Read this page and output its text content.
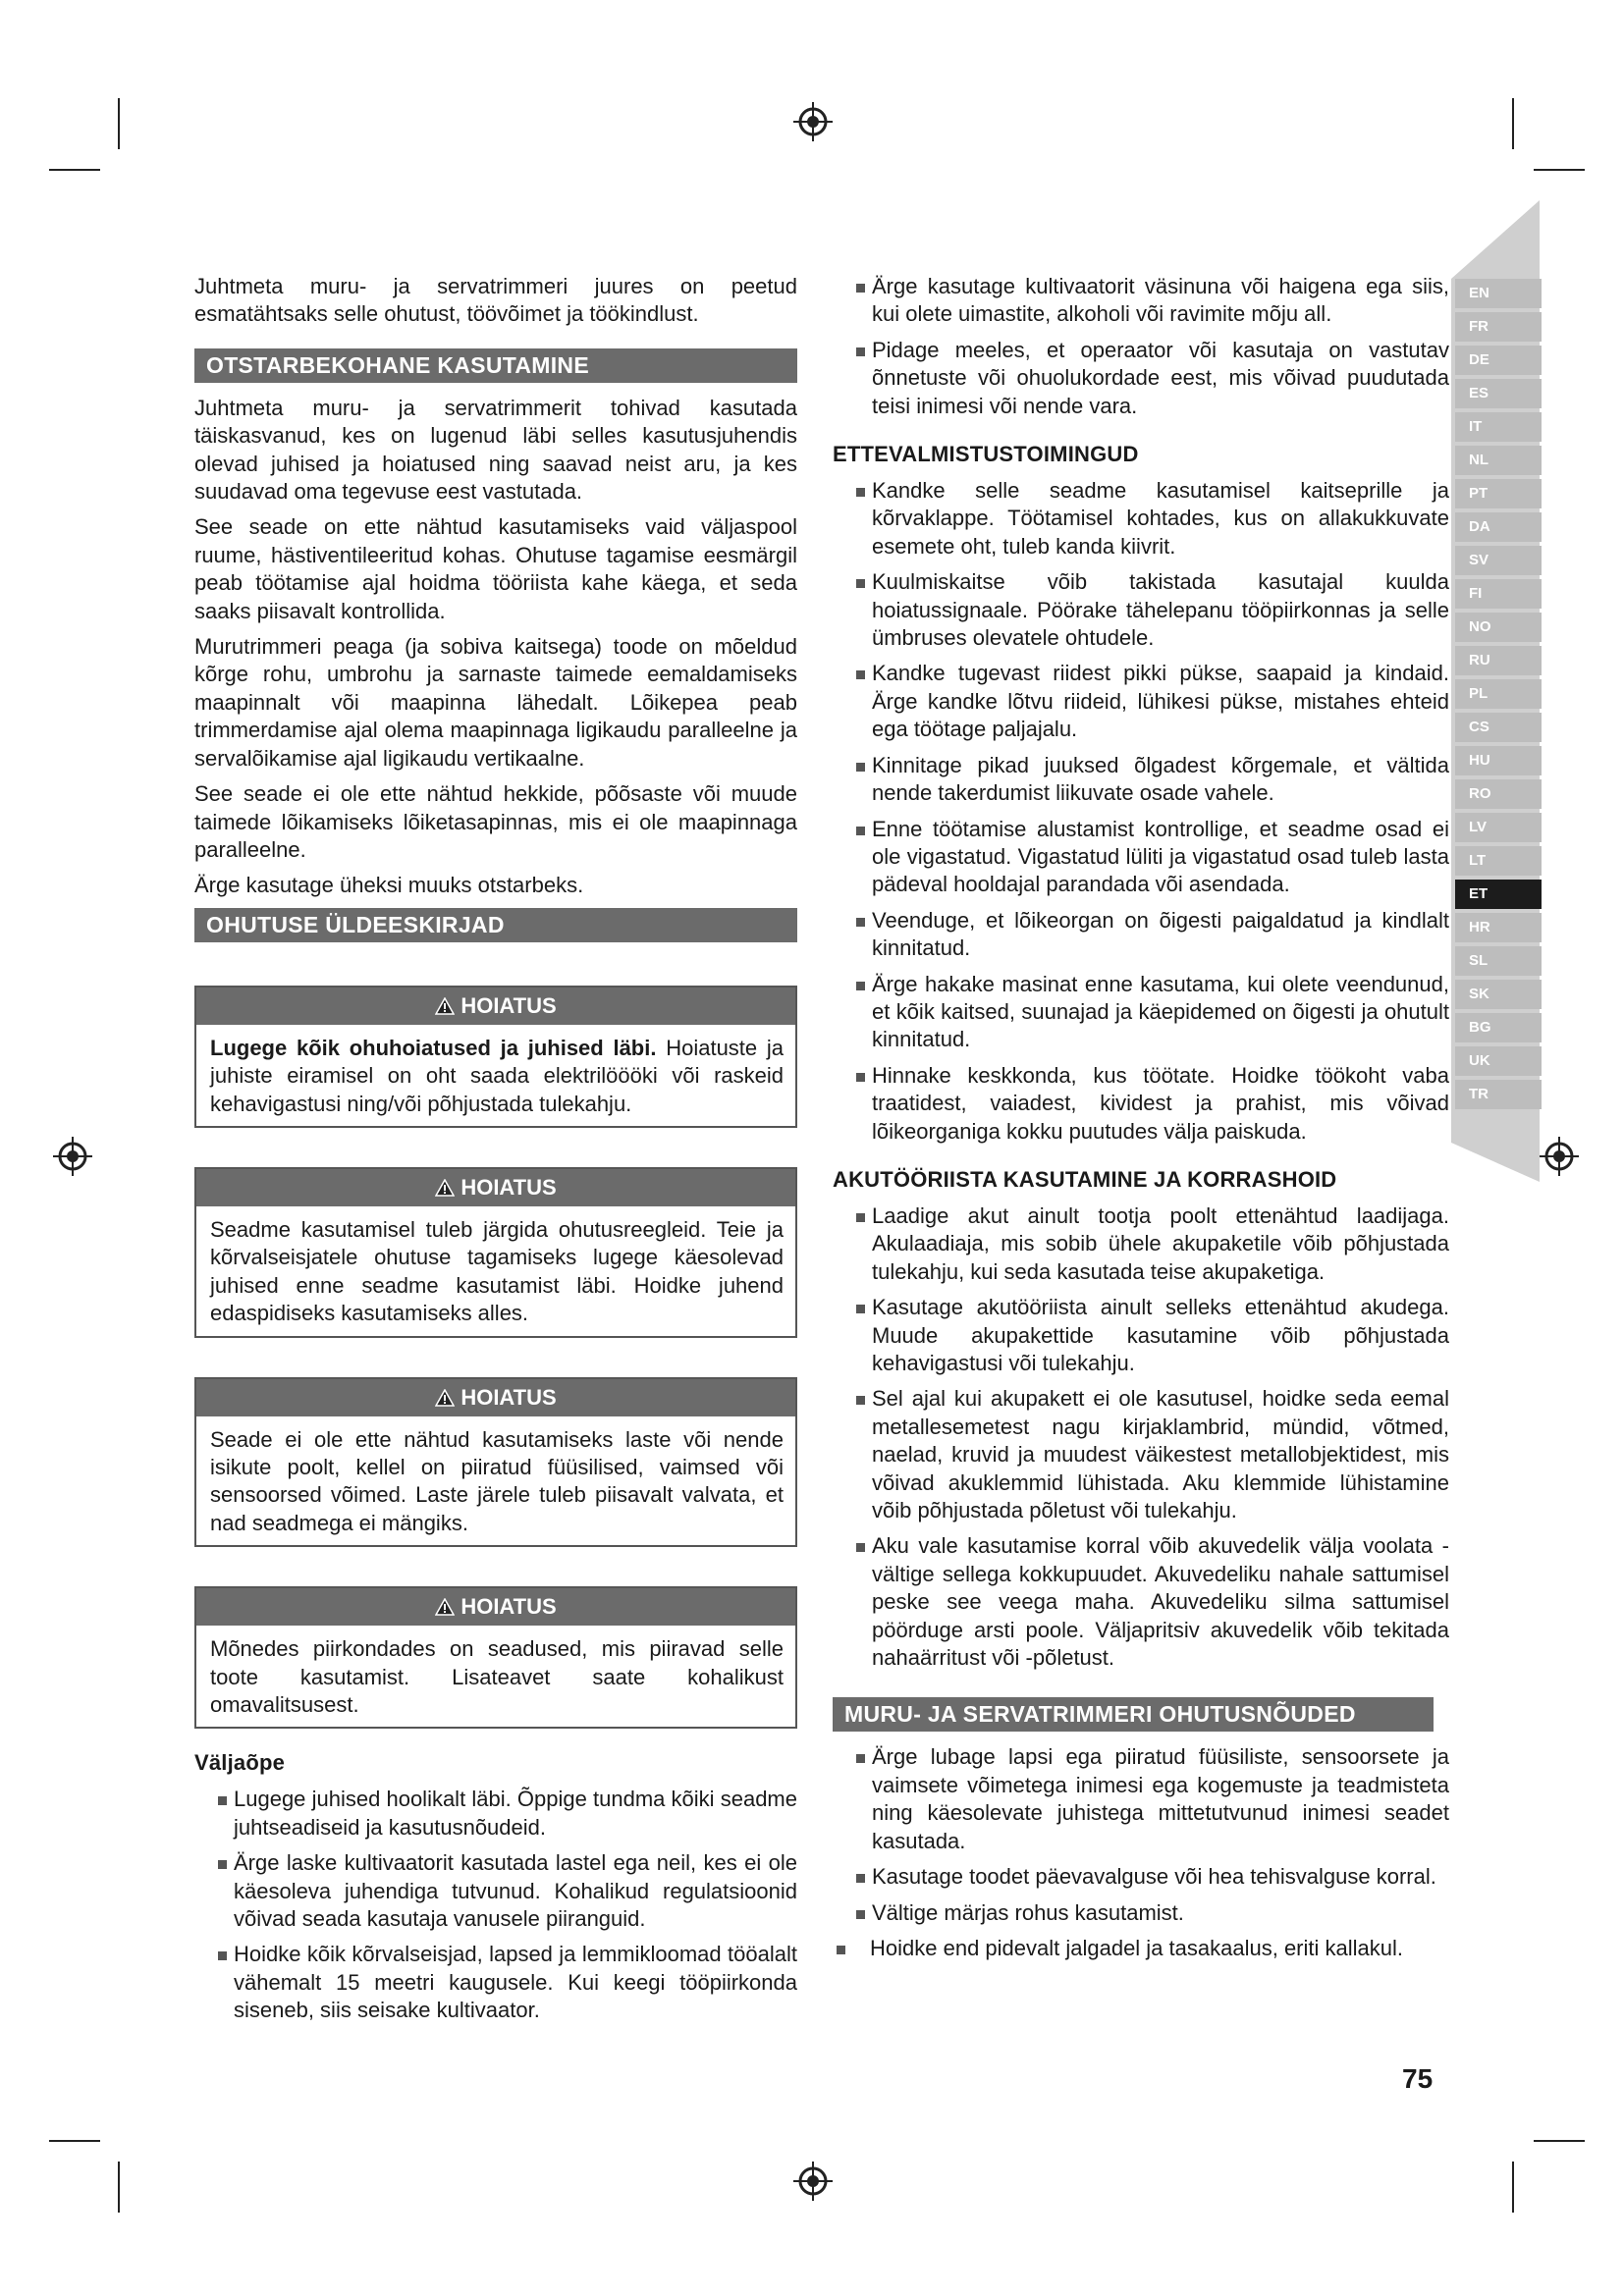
EN
FR
DE
ES
IT
NL
PT
DA
SV
FI
NO
RU
PL
CS
HU
RO
LV
LT
ET
HR
SL
SK
BG
UK
TR

Juhtmeta muru- ja servatrimmeri juures on peetud esmatähtsaks selle ohutust, töövõimet ja töökindlust.

OTSTARBEKOHANE KASUTAMINE

Juhtmeta muru- ja servatrimmerit tohivad kasutada täiskasvanud, kes on lugenud läbi selles kasutusjuhendis olevad juhised ja hoiatused ning saavad neist aru, ja kes suudavad oma tegevuse eest vastutada.

See seade on ette nähtud kasutamiseks vaid väljaspool ruume, hästiventileeritud kohas. Ohutuse tagamise eesmärgil peab töötamise ajal hoidma tööriista kahe käega, et seda saaks piisavalt kontrollida.

Murutrimmeri peaga (ja sobiva kaitsega) toode on mõeldud kõrge rohu, umbrohu ja sarnaste taimede eemaldamiseks maapinnalt või maapinna lähedalt. Lõikepea peab trimmerdamise ajal olema maapinnaga ligikaudu paralleelne ja servalõikamise ajal ligikaudu vertikaalne.

See seade ei ole ette nähtud hekkide, põõsaste või muude taimede lõikamiseks lõiketasapinnas, mis ei ole maapinnaga paralleelne.

Ärge kasutage üheksi muuks otstarbeks.

OHUTUSE ÜLDEESKIRJAD
HOIATUS
Lugege kõik ohuhoiatused ja juhised läbi. Hoiatuste ja juhiste eiramisel on oht saada elektrilöööki või raskeid kehavigastusi ning/või põhjustada tulekahju.
HOIATUS
Seadme kasutamisel tuleb järgida ohutusreegleid. Teie ja kõrvalseisjatele ohutuse tagamiseks lugege käesolevad juhised enne seadme kasutamist läbi. Hoidke juhend edaspidiseks kasutamiseks alles.
HOIATUS
Seade ei ole ette nähtud kasutamiseks laste või nende isikute poolt, kellel on piiratud füüsilised, vaimsed või sensoorsed võimed. Laste järele tuleb piisavalt valvata, et nad seadmega ei mängiks.
HOIATUS
Mõnedes piirkondades on seadused, mis piiravad selle toote kasutamist. Lisateavet saate kohalikust omavalitsusest.
Väljaõpe
Lugege juhised hoolikalt läbi. Õppige tundma kõiki seadme juhtseadiseid ja kasutusnõudeid.
Ärge laske kultivaatorit kasutada lastel ega neil, kes ei ole käesoleva juhendiga tutvunud. Kohalikud regulatsioonid võivad seada kasutaja vanusele piiranguid.
Hoidke kõik kõrvalseisjad, lapsed ja lemmikloomad tööalalt vähemalt 15 meetri kaugusele. Kui keegi tööpiirkonda siseneb, siis seisake kultivaator.
Ärge kasutage kultivaatorit väsinuna või haigena ega siis, kui olete uimastite, alkoholi või ravimite mõju all.
Pidage meeles, et operaator või kasutaja on vastutav õnnetuste või ohuolukordade eest, mis võivad puudutada teisi inimesi või nende vara.
ETTEVALMISTUSTOIMINGUD
Kandke selle seadme kasutamisel kaitseprille ja kõrvaklappe. Töötamisel kohtades, kus on allakukkuvate esemete oht, tuleb kanda kiivrit.
Kuulmiskaitse võib takistada kasutajal kuulda hoiatussignaale. Pöörake tähelepanu tööpiirkonnas ja selle ümbruses olevatele ohtudele.
Kandke tugevast riidest pikki pükse, saapaid ja kindaid. Ärge kandke lõtvu riideid, lühikesi pükse, mistahes ehteid ega töötage paljajalu.
Kinnitage pikad juuksed õlgadest kõrgemale, et vältida nende takerdumist liikuvate osade vahele.
Enne töötamise alustamist kontrollige, et seadme osad ei ole vigastatud. Vigastatud lüliti ja vigastatud osad tuleb lasta pädeval hooldajal parandada või asendada.
Veenduge, et lõikeorgan on õigesti paigaldatud ja kindlalt kinnitatud.
Ärge hakake masinat enne kasutama, kui olete veendunud, et kõik kaitsed, suunajad ja käepidemed on õigesti ja ohutult kinnitatud.
Hinnake keskkonda, kus töötate. Hoidke töökoht vaba traatidest, vaiadest, kividest ja prahist, mis võivad lõikeorganiga kokku puutudes välja paiskuda.
AKUTÖÖRIISTA KASUTAMINE JA KORRASHOID
Laadige akut ainult tootja poolt ettenähtud laadijaga. Akulaadiaja, mis sobib ühele akupaketile võib põhjustada tulekahju, kui seda kasutada teise akupaketiga.
Kasutage akutööriista ainult selleks ettenähtud akudega. Muude akupakettide kasutamine võib põhjustada kehavigastusi või tulekahju.
Sel ajal kui akupakett ei ole kasutusel, hoidke seda eemal metallesemetest nagu kirjaklambrid, mündid, võtmed, naelad, kruvid ja muudest väikestest metallobjektidest, mis võivad akuklemmid lühistada. Aku klemmide lühistamine võib põhjustada põletust või tulekahju.
Aku vale kasutamise korral võib akuvedelik välja voolata - vältige sellega kokkupuudet. Akuvedeliku nahale sattumisel peske see veega maha. Akuvedeliku silma sattumisel pöörduge arsti poole. Väljapritsiv akuvedelik võib tekitada nahaärritust või -põletust.
MURU- JA SERVATRIMMERI OHUTUSNÕUDED
Ärge lubage lapsi ega piiratud füüsiliste, sensoorsete ja vaimsete võimetega inimesi ega kogemuste ja teadmisteta ning käesolevate juhistega mittetutvunud inimesi seadet kasutada.
Kasutage toodet päevavalguse või hea tehisvalguse korral.
Vältige märjas rohus kasutamist.
Hoidke end pidevalt jalgadel ja tasakaalus, eriti kallakul.
75
